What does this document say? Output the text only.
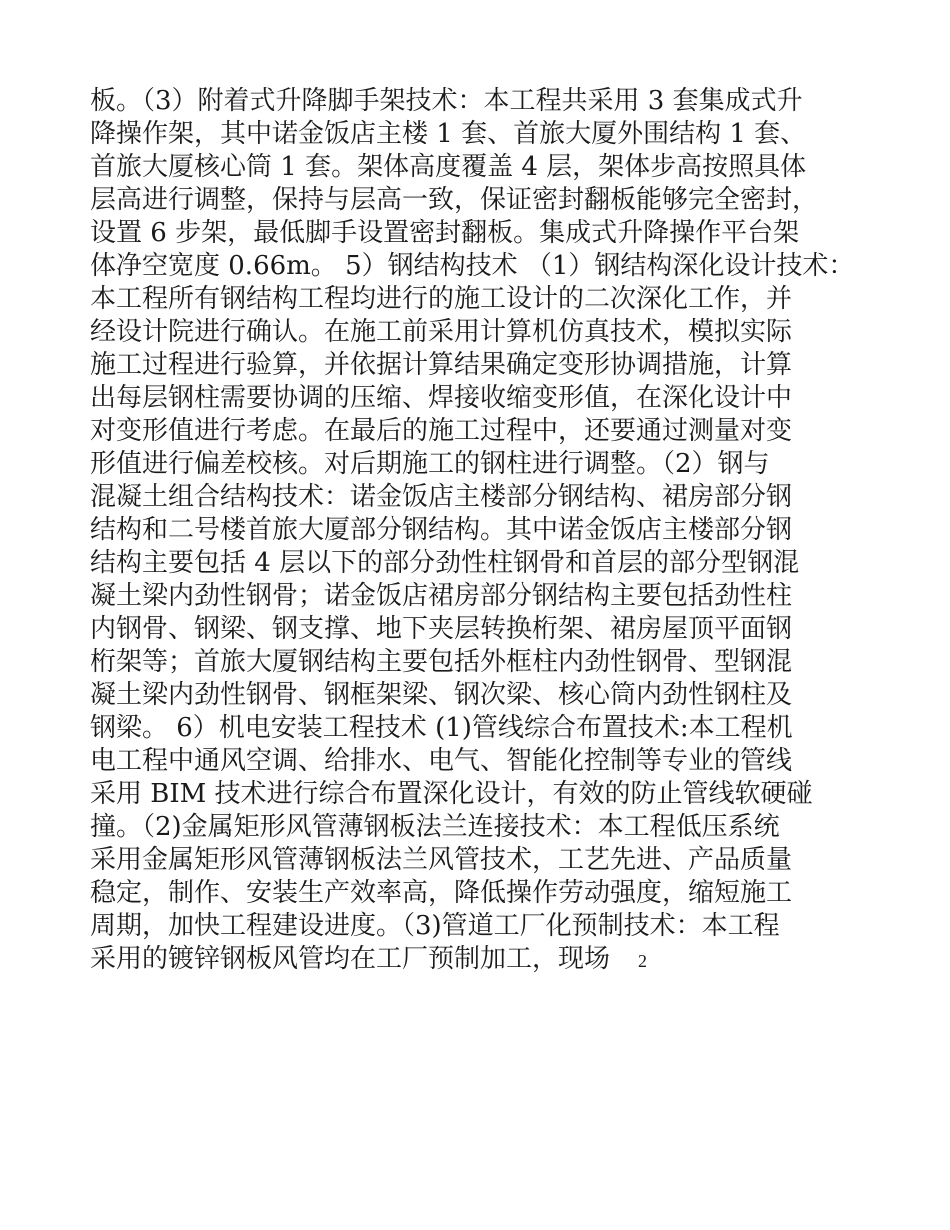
板。（3）附着式升降脚手架技术：本工程共采用 3 套集成式升
降操作架，其中诺金饭店主楼 1 套、首旅大厦外围结构 1 套、
首旅大厦核心筒 1 套。架体高度覆盖 4 层，架体步高按照具体
层高进行调整，保持与层高一致，保证密封翻板能够完全密封，
设置 6 步架，最低脚手设置密封翻板。集成式升降操作平台架
体净空宽度 0.66m。 5）钢结构技术 （1）钢结构深化设计技术：
本工程所有钢结构工程均进行的施工设计的二次深化工作，并
经设计院进行确认。在施工前采用计算机仿真技术，模拟实际
施工过程进行验算，并依据计算结果确定变形协调措施，计算
出每层钢柱需要协调的压缩、焊接收缩变形值，在深化设计中
对变形值进行考虑。在最后的施工过程中，还要通过测量对变
形值进行偏差校核。对后期施工的钢柱进行调整。（2）钢与
混凝土组合结构技术：诺金饭店主楼部分钢结构、裙房部分钢
结构和二号楼首旅大厦部分钢结构。其中诺金饭店主楼部分钢
结构主要包括 4 层以下的部分劲性柱钢骨和首层的部分型钢混
凝土梁内劲性钢骨；诺金饭店裙房部分钢结构主要包括劲性柱
内钢骨、钢梁、钢支撑、地下夹层转换桁架、裙房屋顶平面钢
桁架等；首旅大厦钢结构主要包括外框柱内劲性钢骨、型钢混
凝土梁内劲性钢骨、钢框架梁、钢次梁、核心筒内劲性钢柱及
钢梁。 6）机电安装工程技术 (1)管线综合布置技术:本工程机
电工程中通风空调、给排水、电气、智能化控制等专业的管线
采用 BIM 技术进行综合布置深化设计，有效的防止管线软硬碰
撞。（2)金属矩形风管薄钢板法兰连接技术：本工程低压系统
采用金属矩形风管薄钢板法兰风管技术，工艺先进、产品质量
稳定，制作、安装生产效率高，降低操作劳动强度，缩短施工
周期，加快工程建设进度。（3)管道工厂化预制技术：本工程
采用的镀锌钢板风管均在工厂预制加工，现场 2
